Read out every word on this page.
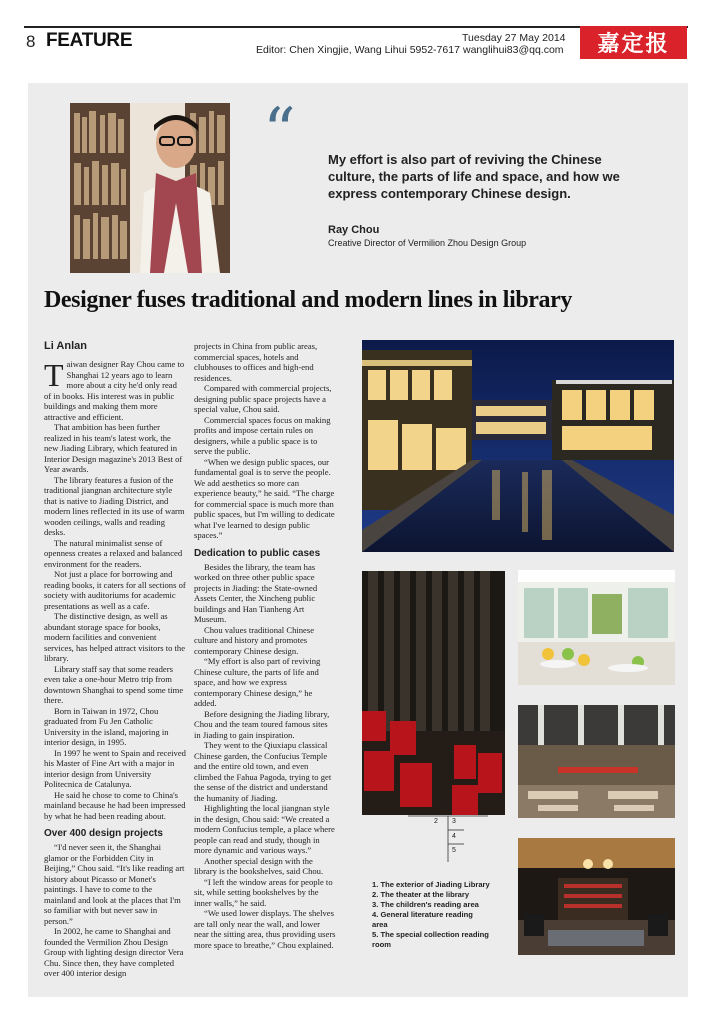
8 FEATURE	Tuesday 27 May 2014
Editor: Chen Xingjie, Wang Lihui 5952-7617 wanglihui83@qq.com	嘉定报
“ My effort is also part of reviving the Chinese culture, the parts of life and space, and how we express contemporary Chinese design.
Ray Chou
Creative Director of Vermilion Zhou Design Group
Designer fuses traditional and modern lines in library
Li Anlan

Taiwan designer Ray Chou came to Shanghai 12 years ago to learn more about a city he'd only read of in books. His interest was in public buildings and making them more attractive and efficient.

That ambition has been further realized in his team's latest work, the new Jiading Library, which featured in Interior Design magazine's 2013 Best of Year awards.

The library features a fusion of the traditional jiangnan architecture style that is native to Jiading District, and modern lines reflected in its use of warm wooden ceilings, walls and reading desks.

The natural minimalist sense of openness creates a relaxed and balanced environment for the readers.

Not just a place for borrowing and reading books, it caters for all sections of society with auditoriums for academic presentations as well as a cafe.

The distinctive design, as well as abundant storage space for books, modern facilities and convenient services, has helped attract visitors to the library.

Library staff say that some readers even take a one-hour Metro trip from downtown Shanghai to spend some time there.

Born in Taiwan in 1972, Chou graduated from Fu Jen Catholic University in the island, majoring in interior design, in 1995.

In 1997 he went to Spain and received his Master of Fine Art with a major in interior design from University Politecnica de Catalunya.

He said he chose to come to China's mainland because he had been impressed by what he had been reading about.

Over 400 design projects

“I'd never seen it, the Shanghai glamor or the Forbidden City in Beijing,” Chou said. “It's like reading art history about Picasso or Monet's paintings. I have to come to the mainland and look at the places that I'm so familiar with but never saw in person.”

In 2002, he came to Shanghai and founded the Vermilion Zhou Design Group with lighting design director Vera Chu. Since then, they have completed over 400 interior design

projects in China from public areas, commercial spaces, hotels and clubhouses to offices and high-end residences.

Compared with commercial projects, designing public space projects have a special value, Chou said.

Commercial spaces focus on making profits and impose certain rules on designers, while a public space is to serve the public.

“When we design public spaces, our fundamental goal is to serve the people. We add aesthetics so more can experience beauty,” he said. “The charge for commercial space is much more than public spaces, but I'm willing to dedicate what I've learned to design public spaces.”

Dedication to public cases

Besides the library, the team has worked on three other public space projects in Jiading: the State-owned Assets Center, the Xincheng public buildings and Han Tianheng Art Museum.

Chou values traditional Chinese culture and history and promotes contemporary Chinese design.

“My effort is also part of reviving Chinese culture, the parts of life and space, and how we express contemporary Chinese design,” he added.

Before designing the Jiading library, Chou and the team toured famous sites in Jiading to gain inspiration.

They went to the Qiuxiapu classical Chinese garden, the Confucius Temple and the entire old town, and even climbed the Fahua Pagoda, trying to get the sense of the district and understand the humanity of Jiading.

Highlighting the local jiangnan style in the design, Chou said: “We created a modern Confucius temple, a place where people can read and study, though in more dynamic and various ways.”

Another special design with the library is the bookshelves, said Chou.

“I left the window areas for people to sit, while setting bookshelves by the inner walls,” he said.

“We used lower displays. The shelves are tall only near the wall, and lower near the sitting area, thus providing users more space to breathe,” Chou explained.

1
2 3
4
5
1. The exterior of Jiading Library
2. The theater at the library
3. The children's reading area
4. General literature reading area
5. The special collection reading room
